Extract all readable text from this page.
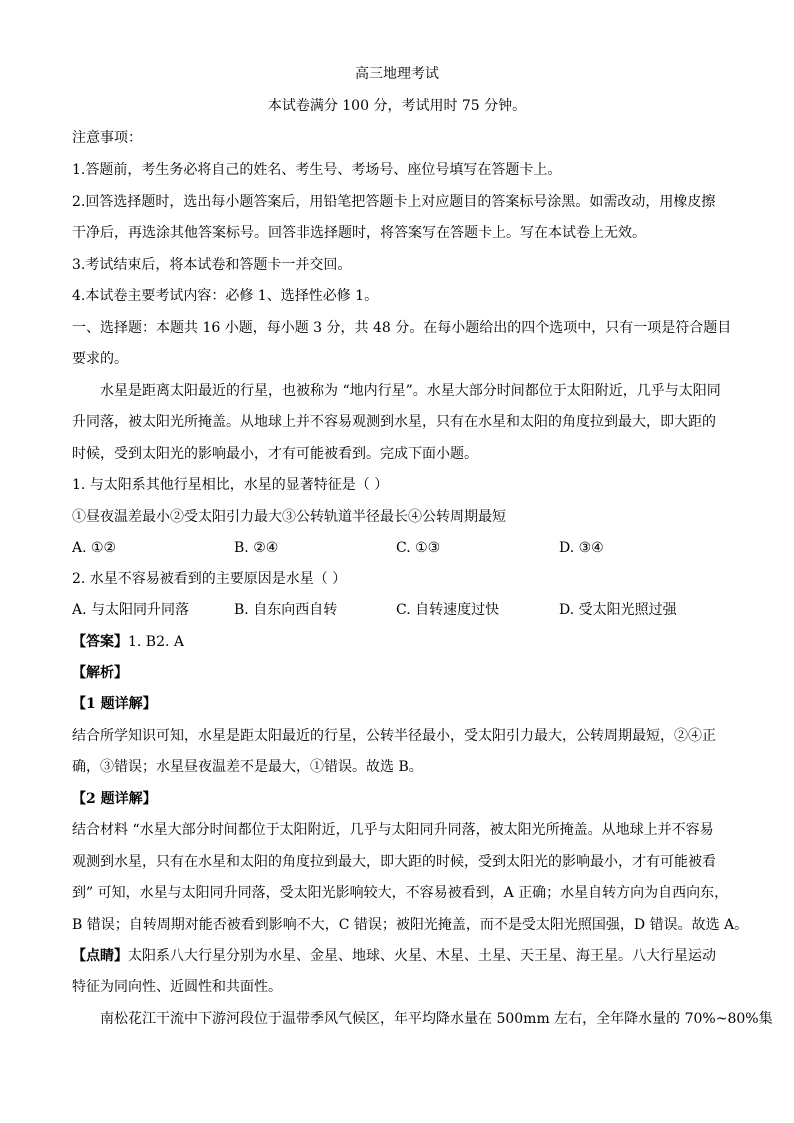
高三地理考试
本试卷满分 100 分，考试用时 75 分钟。
注意事项：
1.答题前，考生务必将自己的姓名、考生号、考场号、座位号填写在答题卡上。
2.回答选择题时，选出每小题答案后，用铅笔把答题卡上对应题目的答案标号涂黑。如需改动，用橡皮擦
干净后，再选涂其他答案标号。回答非选择题时，将答案写在答题卡上。写在本试卷上无效。
3.考试结束后，将本试卷和答题卡一并交回。
4.本试卷主要考试内容：必修 1、选择性必修 1。
一、选择题：本题共 16 小题，每小题 3 分，共 48 分。在每小题给出的四个选项中，只有一项是符合题目
要求的。
水星是距离太阳最近的行星，也被称为 “地内行星”。水星大部分时间都位于太阳附近，几乎与太阳同
升同落，被太阳光所掩盖。从地球上并不容易观测到水星，只有在水星和太阳的角度拉到最大，即大距的
时候，受到太阳光的影响最小，才有可能被看到。完成下面小题。
1. 与太阳系其他行星相比，水星的显著特征是（ ）
①昼夜温差最小②受太阳引力最大③公转轨道半径最长④公转周期最短
A. ①②	B. ②④	C. ①③	D. ③④
2. 水星不容易被看到的主要原因是水星（ ）
A. 与太阳同升同落	B. 自东向西自转	C. 自转速度过快	D. 受太阳光照过强
【答案】1. B2. A
【解析】
【1 题详解】
结合所学知识可知，水星是距太阳最近的行星，公转半径最小，受太阳引力最大，公转周期最短，②④正
确，③错误；水星昼夜温差不是最大，①错误。故选 B。
【2 题详解】
结合材料 “水星大部分时间都位于太阳附近，几乎与太阳同升同落，被太阳光所掩盖。从地球上并不容易
观测到水星，只有在水星和太阳的角度拉到最大，即大距的时候，受到太阳光的影响最小，才有可能被看
到” 可知，水星与太阳同升同落，受太阳光影响较大，不容易被看到，A 正确；水星自转方向为自西向东，
B 错误；自转周期对能否被看到影响不大，C 错误；被阳光掩盖，而不是受太阳光照国强，D 错误。故选 A。
【点睛】太阳系八大行星分别为水星、金星、地球、火星、木星、土星、天王星、海王星。八大行星运动
特征为同向性、近圆性和共面性。
南松花江干流中下游河段位于温带季风气候区，年平均降水量在 500mm 左右，全年降水量的 70%~80%集
